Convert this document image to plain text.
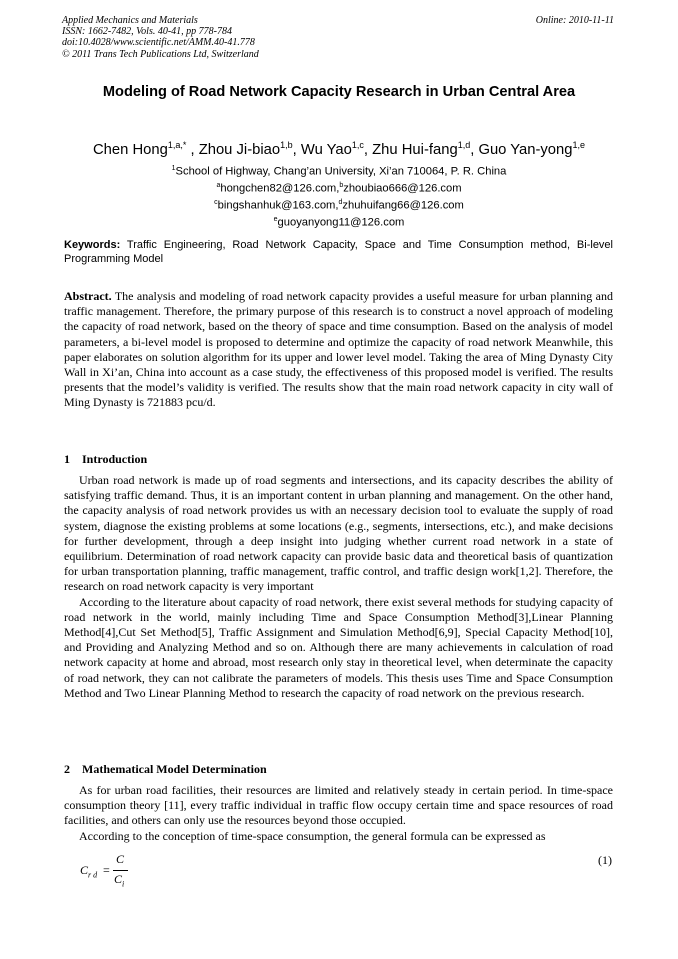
Applied Mechanics and Materials
ISSN: 1662-7482, Vols. 40-41, pp 778-784
doi:10.4028/www.scientific.net/AMM.40-41.778
© 2011 Trans Tech Publications Ltd, Switzerland
Online: 2010-11-11
Modeling of Road Network Capacity Research in Urban Central Area
Chen Hong$^{1,a,*}$ , Zhou Ji-biao$^{1,b}$, Wu Yao$^{1,c}$, Zhu Hui-fang$^{1,d}$, Guo Yan-yong$^{1,e}$
$^1$School of Highway, Chang’an University, Xi’an 710064, P. R. China
$^a$hongchen82@126.com,$^b$zhoubiao666@126.com
$^c$bingshanhuk@163.com,$^d$zhuhuifang66@126.com
$^e$guoyanyong11@126.com
Keywords: Traffic Engineering, Road Network Capacity, Space and Time Consumption method, Bi-level Programming Model
Abstract. The analysis and modeling of road network capacity provides a useful measure for urban planning and traffic management. Therefore, the primary purpose of this research is to construct a novel approach of modeling the capacity of road network, based on the theory of space and time consumption. Based on the analysis of model parameters, a bi-level model is proposed to determine and optimize the capacity of road network Meanwhile, this paper elaborates on solution algorithm for its upper and lower level model. Taking the area of Ming Dynasty City Wall in Xi’an, China into account as a case study, the effectiveness of this proposed model is verified. The results presents that the model’s validity is verified. The results show that the main road network capacity in city wall of Ming Dynasty is 721883 pcu/d.
1 Introduction

Urban road network is made up of road segments and intersections, and its capacity describes the ability of satisfying traffic demand. Thus, it is an important content in urban planning and management. On the other hand, the capacity analysis of road network provides us with an necessary decision tool to evaluate the supply of road system, diagnose the existing problems at some locations (e.g., segments, intersections, etc.), and make decisions for further development, through a deep insight into judging whether current road network in a state of equilibrium. Determination of road network capacity can provide basic data and theoretical basis of quantization for urban transportation planning, traffic management, traffic control, and traffic design work[1,2]. Therefore, the research on road network capacity is very important

According to the literature about capacity of road network, there exist several methods for studying capacity of road network in the world, mainly including Time and Space Consumption Method[3],Linear Planning Method[4],Cut Set Method[5], Traffic Assignment and Simulation Method[6,9], Special Capacity Method[10], and Providing and Analyzing Method and so on. Although there are many achievements in calculation of road network capacity at home and abroad, most research only stay in theoretical level, when determinate the capacity of road network, they can not calibrate the parameters of models. This thesis uses Time and Space Consumption Method and Two Linear Planning Method to research the capacity of road network on the previous research.

2 Mathematical Model Determination

As for urban road facilities, their resources are limited and relatively steady in certain period. In time-space consumption theory [11], every traffic individual in traffic flow occupy certain time and space resources of road facilities, and others can only use the resources beyond those occupied.

According to the conception of time-space consumption, the general formula can be expressed as

$C_{r d}$ =
C
$C_i$
(1)
